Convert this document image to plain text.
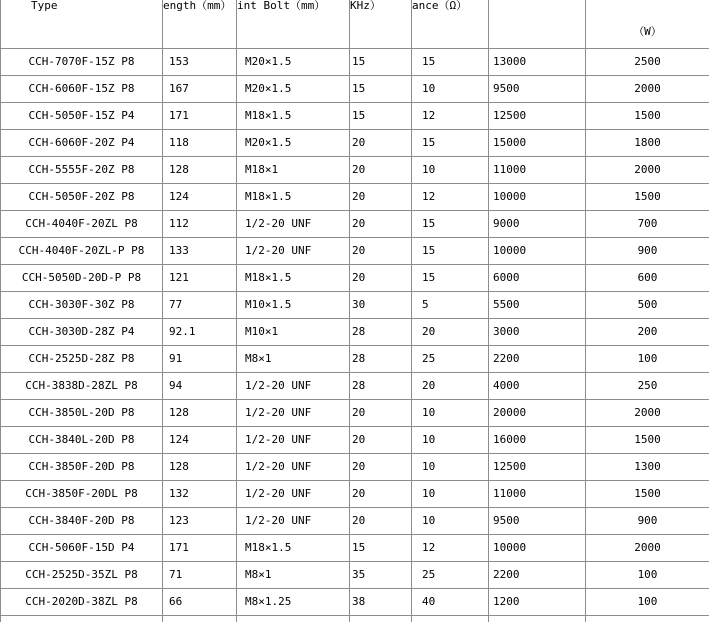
Type	ength（mm）	int Bolt（mm）	KHz）	ance（Ω）		（W）
CCH-7070F-15Z P8	153	M20×1.5	15	15	13000	2500
CCH-6060F-15Z P8	167	M20×1.5	15	10	9500	2000
CCH-5050F-15Z P4	171	M18×1.5	15	12	12500	1500
CCH-6060F-20Z P4	118	M20×1.5	20	15	15000	1800
CCH-5555F-20Z P8	128	M18×1	20	10	11000	2000
CCH-5050F-20Z P8	124	M18×1.5	20	12	10000	1500
CCH-4040F-20ZL P8	112	1/2-20 UNF	20	15	9000	700
CCH-4040F-20ZL-P P8	133	1/2-20 UNF	20	15	10000	900
CCH-5050D-20D-P P8	121	M18×1.5	20	15	6000	600
CCH-3030F-30Z P8	77	M10×1.5	30	5	5500	500
CCH-3030D-28Z P4	92.1	M10×1	28	20	3000	200
CCH-2525D-28Z P8	91	M8×1	28	25	2200	100
CCH-3838D-28ZL P8	94	1/2-20 UNF	28	20	4000	250
CCH-3850L-20D P8	128	1/2-20 UNF	20	10	20000	2000
CCH-3840L-20D P8	124	1/2-20 UNF	20	10	16000	1500
CCH-3850F-20D P8	128	1/2-20 UNF	20	10	12500	1300
CCH-3850F-20DL P8	132	1/2-20 UNF	20	10	11000	1500
CCH-3840F-20D P8	123	1/2-20 UNF	20	10	9500	900
CCH-5060F-15D P4	171	M18×1.5	15	12	10000	2000
CCH-2525D-35ZL P8	71	M8×1	35	25	2200	100
CCH-2020D-38ZL P8	66	M8×1.25	38	40	1200	100
